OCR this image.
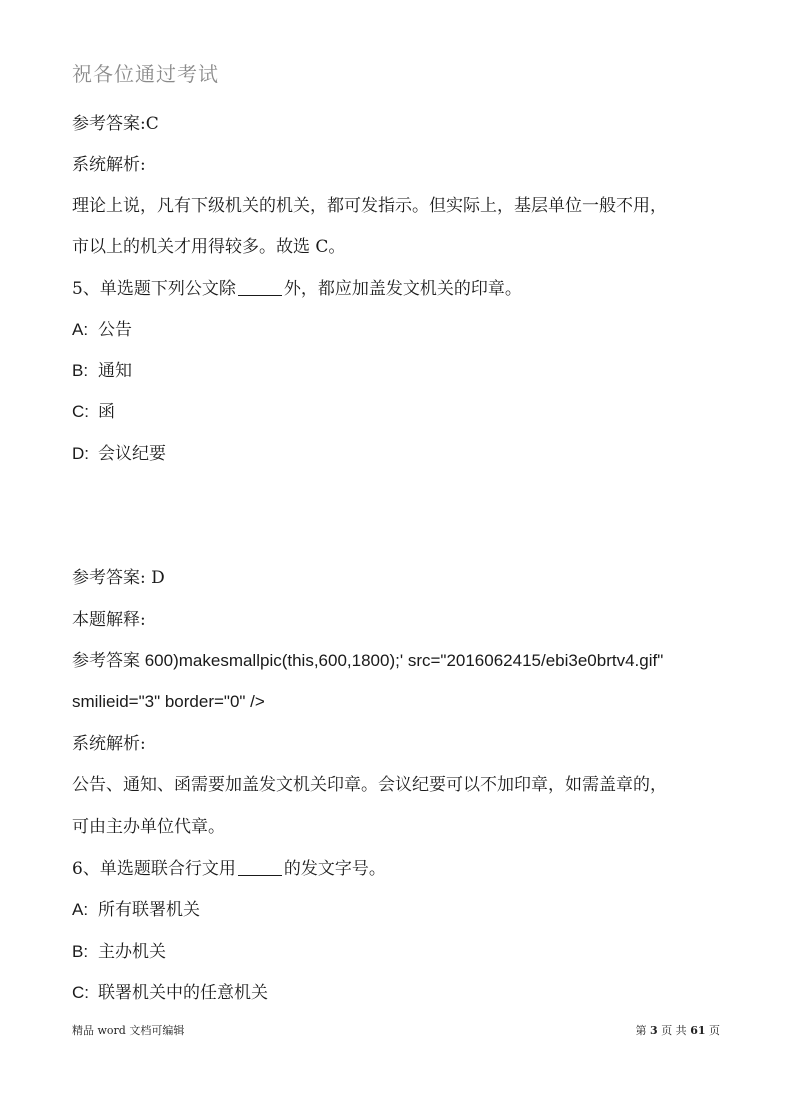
祝各位通过考试
参考答案:C
系统解析:
理论上说，凡有下级机关的机关，都可发指示。但实际上，基层单位一般不用，
市以上的机关才用得较多。故选 C。
5、单选题下列公文除	外，都应加盖发文机关的印章。
A: 公告
B: 通知
C: 函
D: 会议纪要
参考答案: D
本题解释:
参考答案 600)makesmallpic(this,600,1800);' src="2016062415/ebi3e0brtv4.gif"
smilieid="3" border="0" />
系统解析:
公告、通知、函需要加盖发文机关印章。会议纪要可以不加印章，如需盖章的，
可由主办单位代章。
6、单选题联合行文用	的发文字号。
A: 所有联署机关
B: 主办机关
C: 联署机关中的任意机关
精品 word 文档可编辑	第 3 页 共 61 页
